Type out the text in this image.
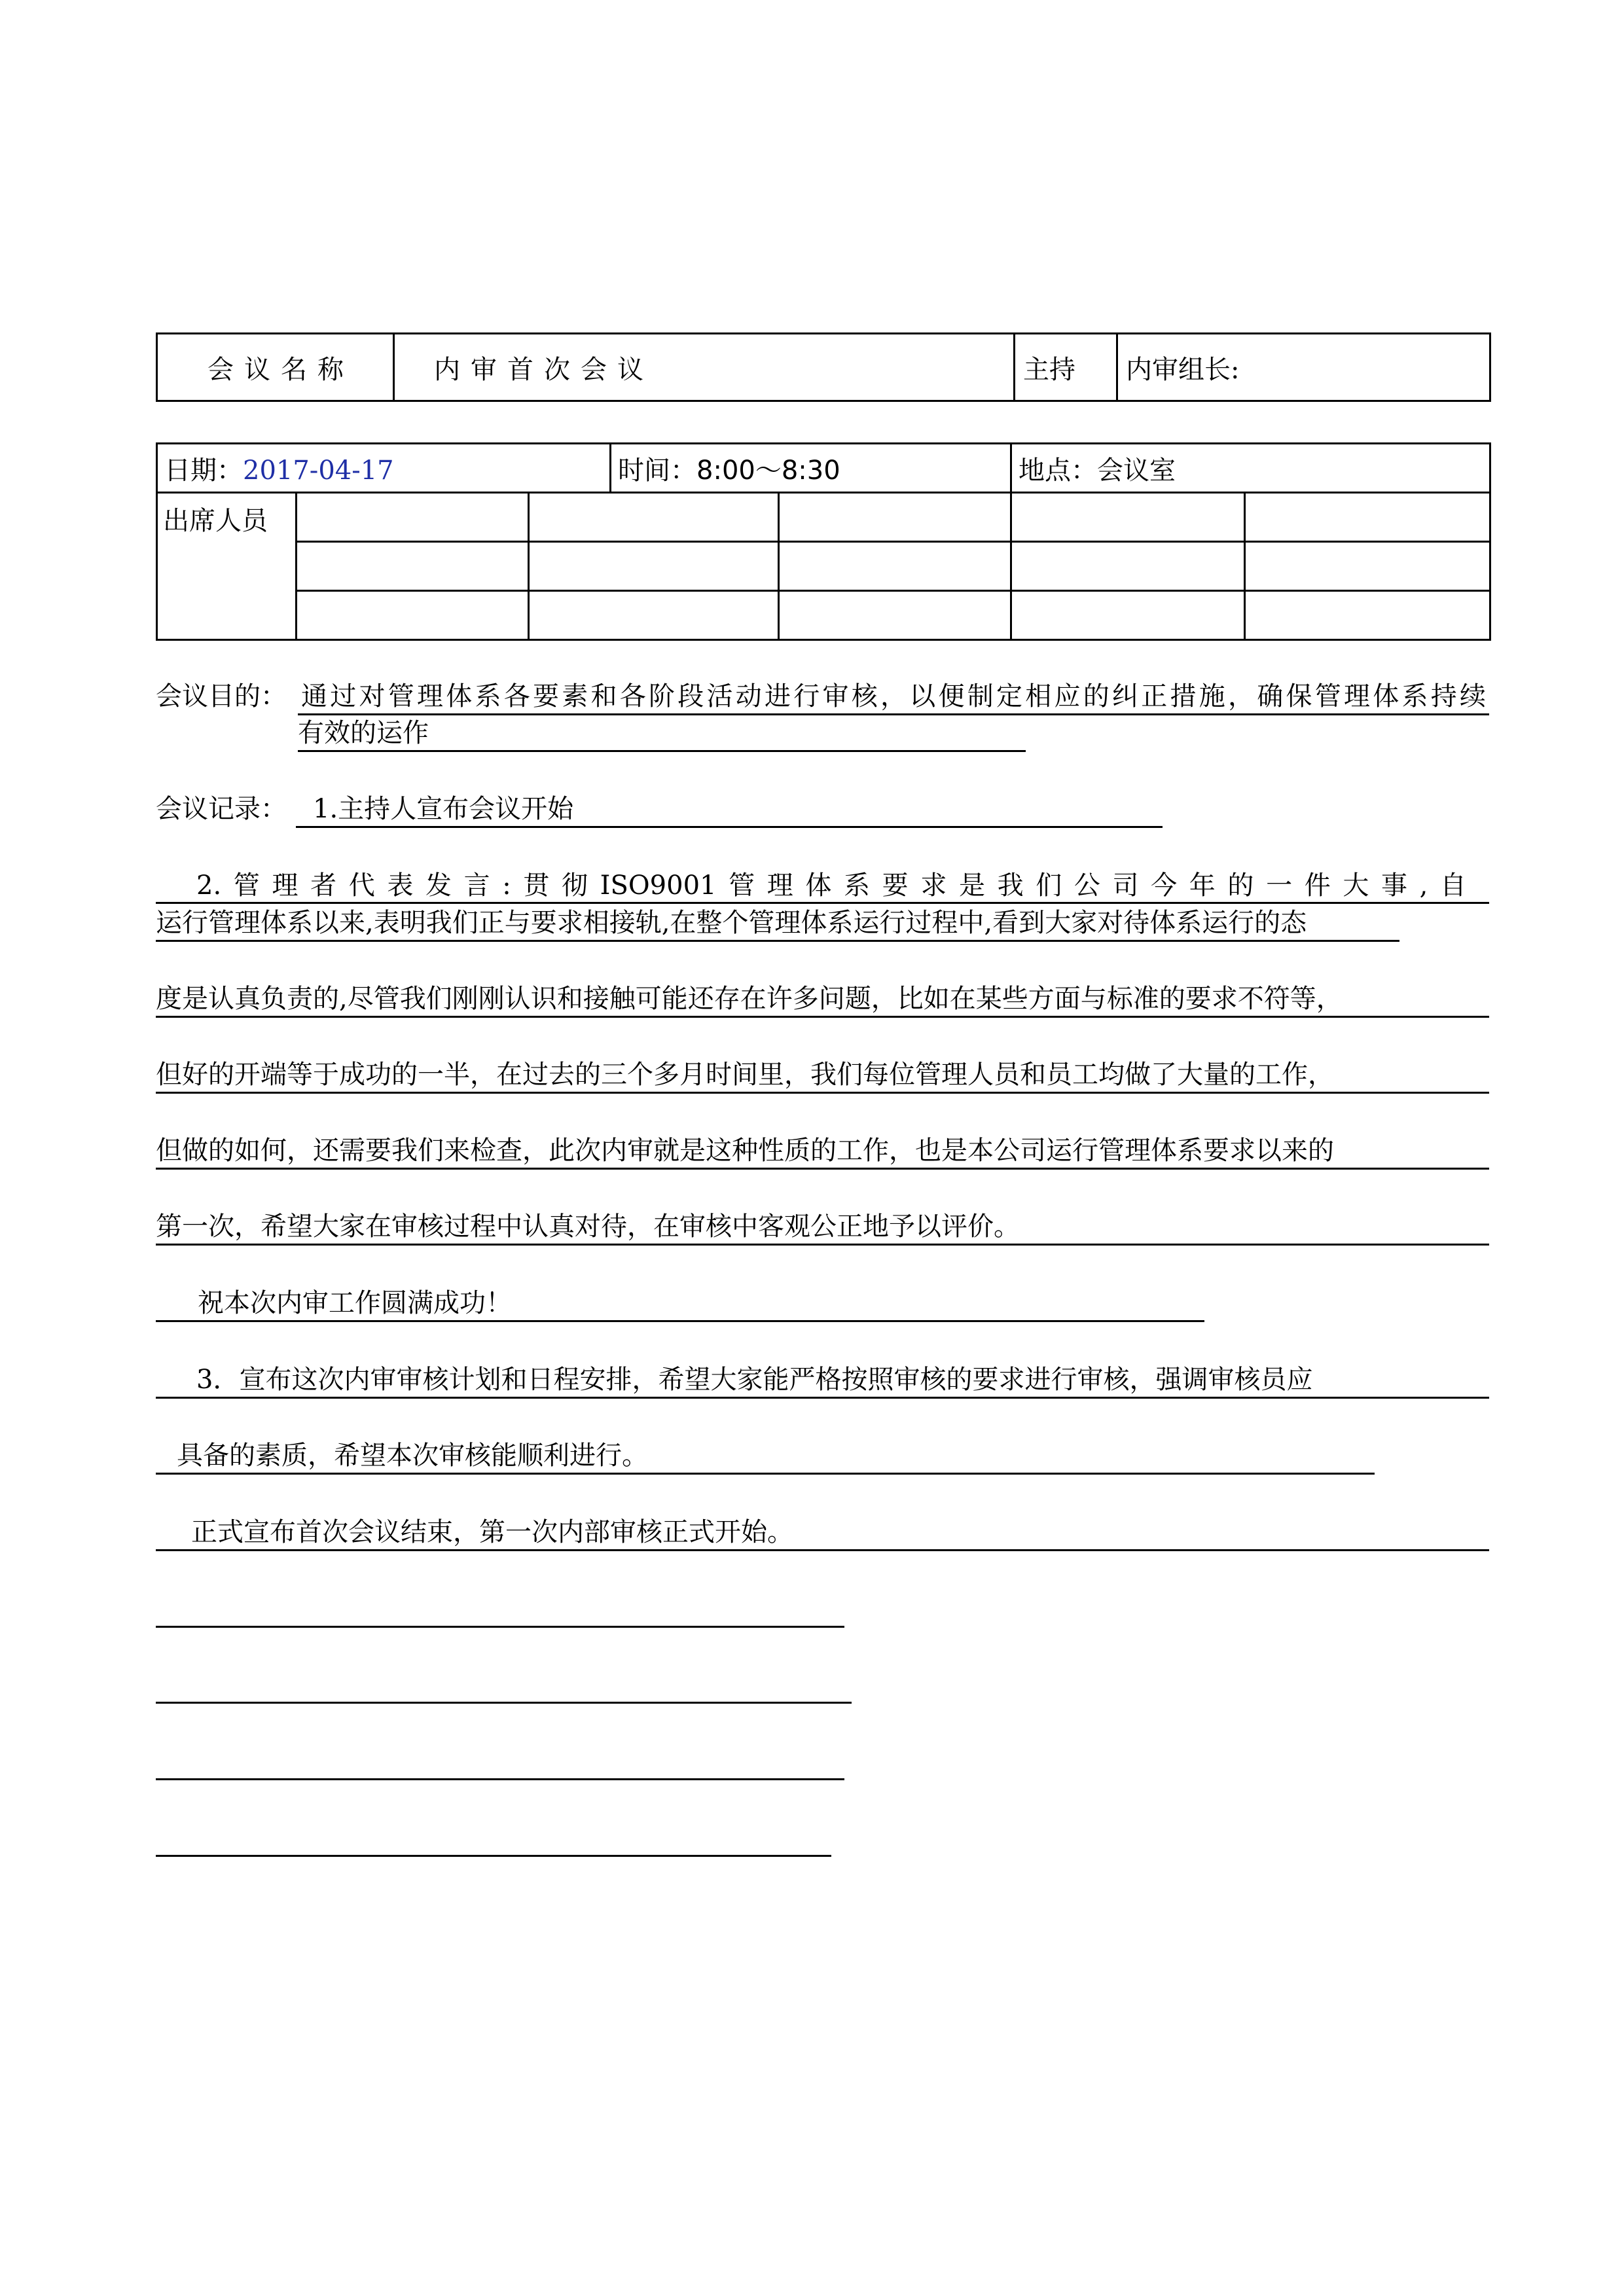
会议名称	内审首次会议	主持	内审组长:
日期：2017-04-17			时间：8:00～8:30		地点：会议室	
出席人员						

会议目的： 通过对管理体系各要素和各阶段活动进行审核，以便制定相应的纠正措施，确保管理体系持续
有效的运作
会议记录： 1.主持人宣布会议开始
2.管理者代表发言:贯彻ISO9001管理体系要求是我们公司今年的一件大事,自
运行管理体系以来,表明我们正与要求相接轨,在整个管理体系运行过程中,看到大家对待体系运行的态
度是认真负责的,尽管我们刚刚认识和接触可能还存在许多问题，比如在某些方面与标准的要求不符等，
但好的开端等于成功的一半，在过去的三个多月时间里，我们每位管理人员和员工均做了大量的工作，
但做的如何，还需要我们来检查，此次内审就是这种性质的工作，也是本公司运行管理体系要求以来的
第一次，希望大家在审核过程中认真对待，在审核中客观公正地予以评价。
祝本次内审工作圆满成功！
3．宣布这次内审审核计划和日程安排，希望大家能严格按照审核的要求进行审核，强调审核员应
具备的素质，希望本次审核能顺利进行。
正式宣布首次会议结束，第一次内部审核正式开始。
